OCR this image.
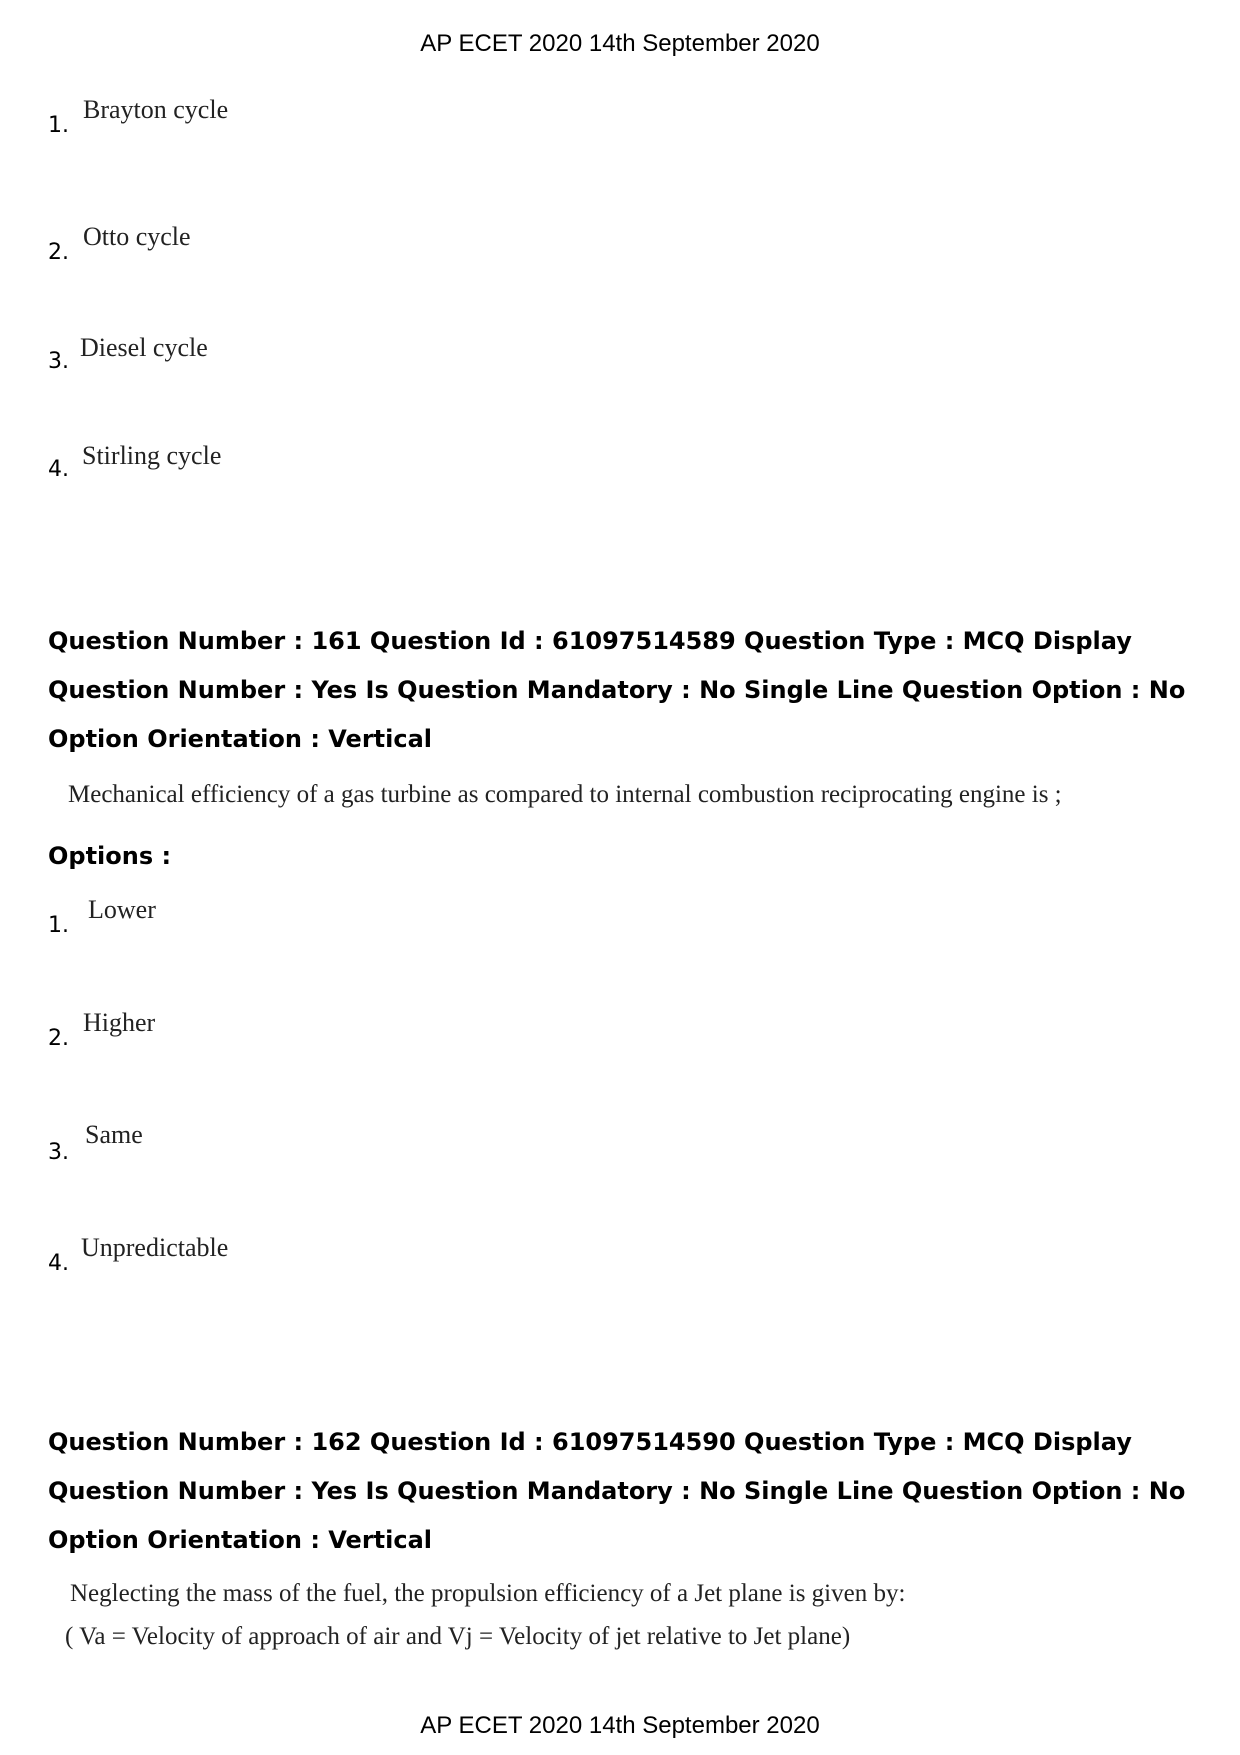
AP ECET 2020 14th September 2020
1.
Brayton cycle
2.
Otto cycle
3. Diesel cycle
4. Stirling cycle
Question Number : 161 Question Id : 61097514589 Question Type : MCQ Display Question Number : Yes Is Question Mandatory : No Single Line Question Option : No Option Orientation : Vertical
Mechanical efficiency of a gas turbine as compared to internal combustion reciprocating engine is ;
Options :
1.
Lower
2.
Higher
3.
Same
4.
Unpredictable
Question Number : 162 Question Id : 61097514590 Question Type : MCQ Display Question Number : Yes Is Question Mandatory : No Single Line Question Option : No Option Orientation : Vertical
Neglecting the mass of the fuel, the propulsion efficiency of a Jet plane is given by:
( Va = Velocity of approach of air and Vj = Velocity of jet relative to Jet plane)
AP ECET 2020 14th September 2020
